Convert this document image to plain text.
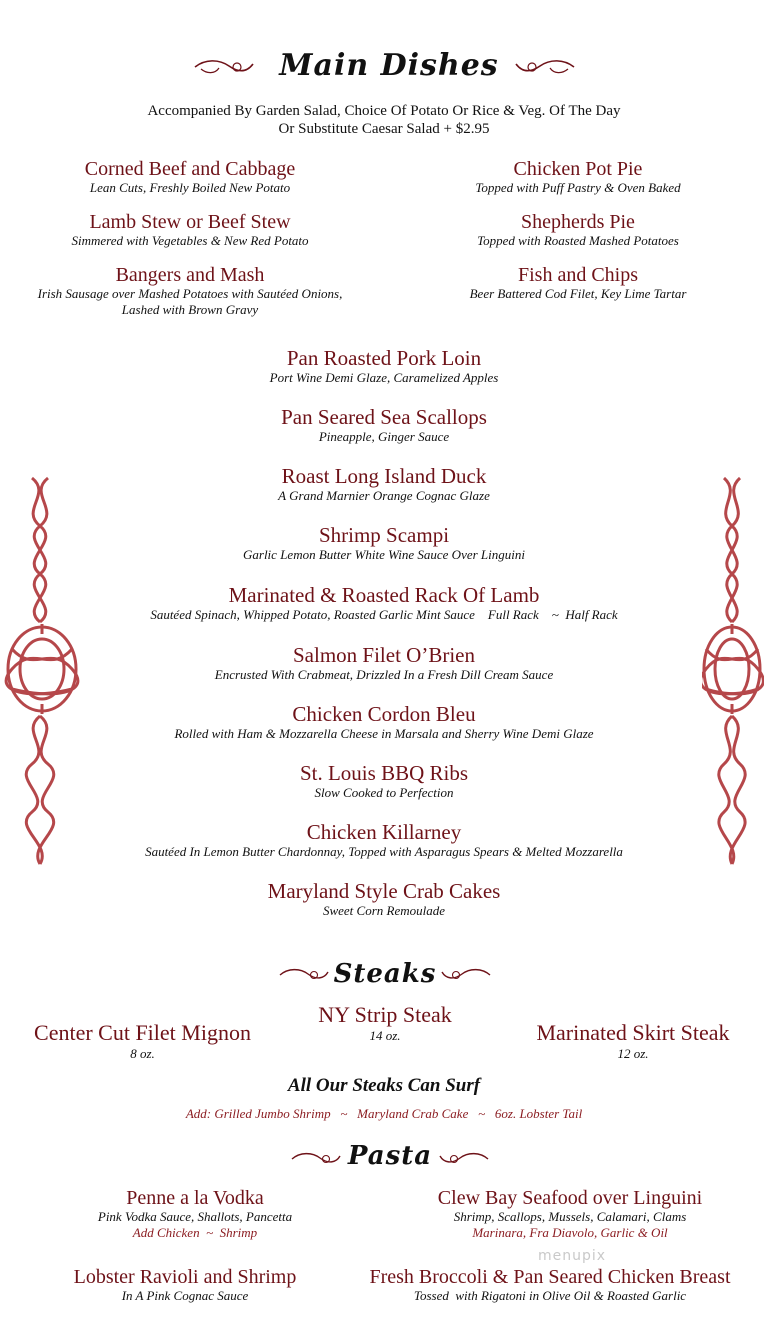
Main Dishes
Accompanied By Garden Salad, Choice Of Potato Or Rice & Veg. Of The Day
Or Substitute Caesar Salad + $2.95
Corned Beef and Cabbage
Lean Cuts, Freshly Boiled New Potato
Lamb Stew or Beef Stew
Simmered with Vegetables & New Red Potato
Bangers and Mash
Irish Sausage over Mashed Potatoes with Sautéed Onions,
Lashed with Brown Gravy
Chicken Pot Pie
Topped with Puff Pastry & Oven Baked
Shepherds Pie
Topped with Roasted Mashed Potatoes
Fish and Chips
Beer Battered Cod Filet, Key Lime Tartar
Pan Roasted Pork Loin
Port Wine Demi Glaze, Caramelized Apples
Pan Seared Sea Scallops
Pineapple, Ginger Sauce
Roast Long Island Duck
A Grand Marnier Orange Cognac Glaze
Shrimp Scampi
Garlic Lemon Butter White Wine Sauce Over Linguini
Marinated & Roasted Rack Of Lamb
Sautéed Spinach, Whipped Potato, Roasted Garlic Mint Sauce    Full Rack    ~  Half Rack
Salmon Filet O’Brien
Encrusted With Crabmeat, Drizzled In a Fresh Dill Cream Sauce
Chicken Cordon Bleu
Rolled with Ham & Mozzarella Cheese in Marsala and Sherry Wine Demi Glaze
St. Louis BBQ Ribs
Slow Cooked to Perfection
Chicken Killarney
Sautéed In Lemon Butter Chardonnay, Topped with Asparagus Spears & Melted Mozzarella
Maryland Style Crab Cakes
Sweet Corn Remoulade
Steaks
Center Cut Filet Mignon
8 oz.
NY Strip Steak
14 oz.	Marinated Skirt Steak
12 oz.
All Our Steaks Can Surf
Add: Grilled Jumbo Shrimp   ~   Maryland Crab Cake   ~   6oz. Lobster Tail
Pasta
Penne a la Vodka
Pink Vodka Sauce, Shallots, Pancetta
Add Chicken  ~  Shrimp
Clew Bay Seafood over Linguini
Shrimp, Scallops, Mussels, Calamari, Clams
Marinara, Fra Diavolo, Garlic & Oil
Lobster Ravioli and Shrimp
In A Pink Cognac Sauce
Fresh Broccoli & Pan Seared Chicken Breast
Tossed  with Rigatoni in Olive Oil & Roasted Garlic
menupix
